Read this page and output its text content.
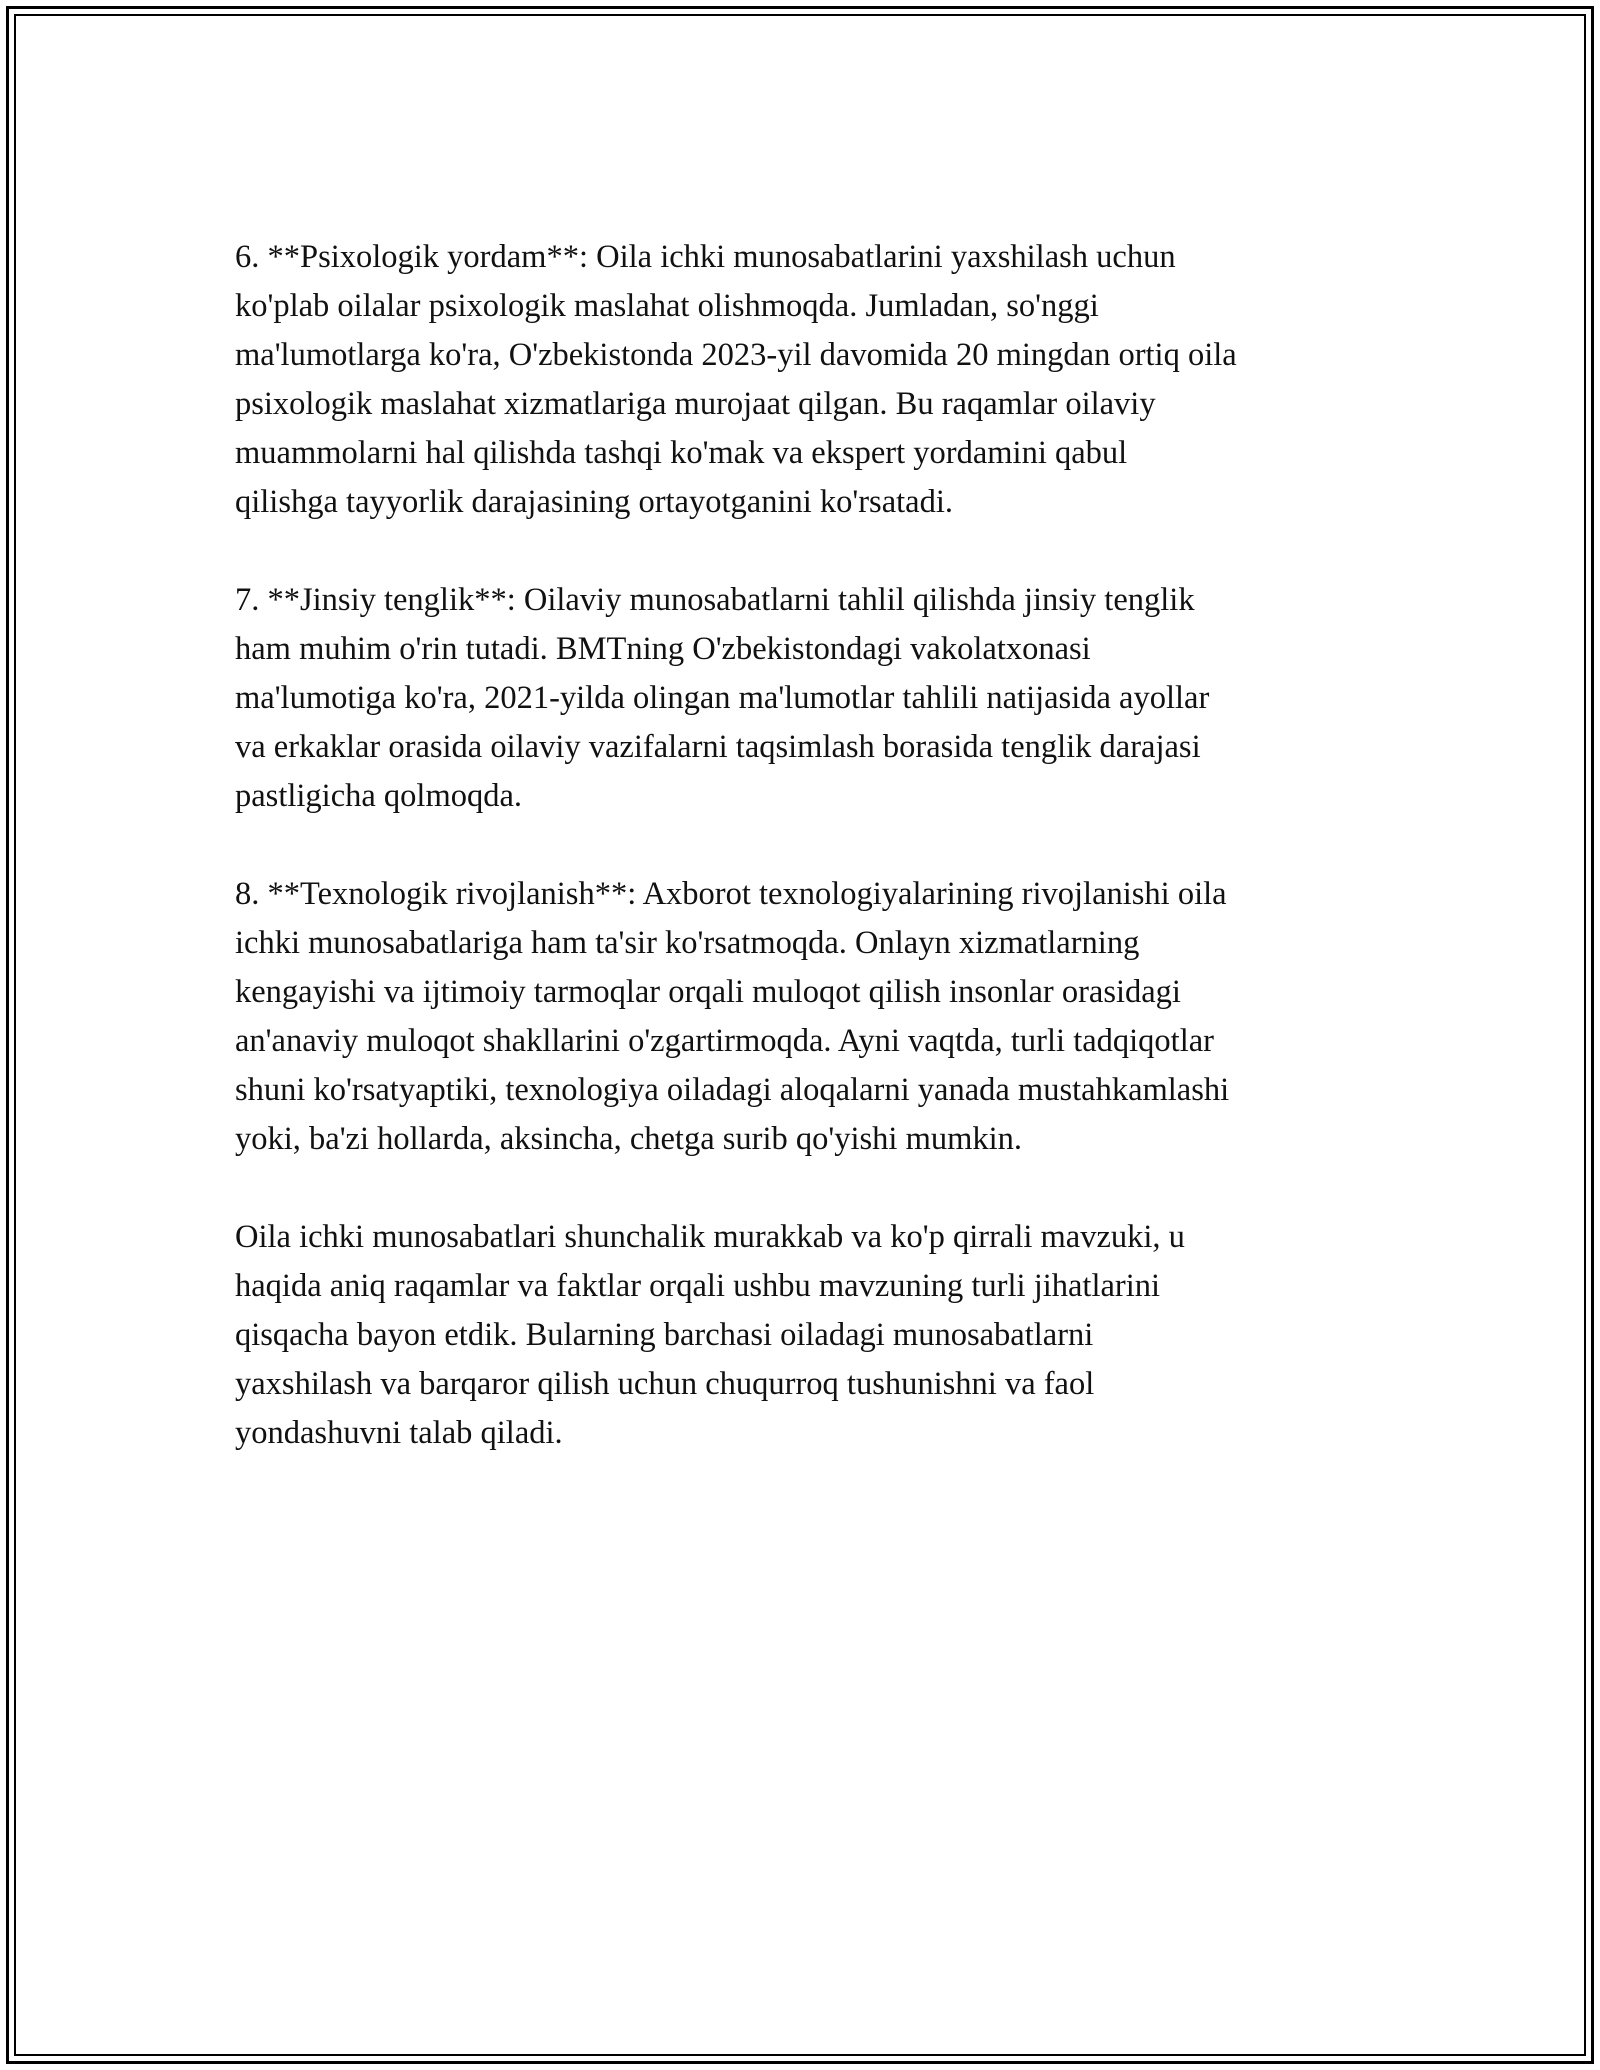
6. **Psixologik yordam**: Oila ichki munosabatlarini yaxshilash uchun
ko'plab oilalar psixologik maslahat olishmoqda. Jumladan, so'nggi
ma'lumotlarga ko'ra, O'zbekistonda 2023-yil davomida 20 mingdan ortiq oila
psixologik maslahat xizmatlariga murojaat qilgan. Bu raqamlar oilaviy
muammolarni hal qilishda tashqi ko'mak va ekspert yordamini qabul
qilishga tayyorlik darajasining ortayotganini ko'rsatadi.

7. **Jinsiy tenglik**: Oilaviy munosabatlarni tahlil qilishda jinsiy tenglik
ham muhim o'rin tutadi. BMTning O'zbekistondagi vakolatxonasi
ma'lumotiga ko'ra, 2021-yilda olingan ma'lumotlar tahlili natijasida ayollar
va erkaklar orasida oilaviy vazifalarni taqsimlash borasida tenglik darajasi
pastligicha qolmoqda.

8. **Texnologik rivojlanish**: Axborot texnologiyalarining rivojlanishi oila
ichki munosabatlariga ham ta'sir ko'rsatmoqda. Onlayn xizmatlarning
kengayishi va ijtimoiy tarmoqlar orqali muloqot qilish insonlar orasidagi
an'anaviy muloqot shakllarini o'zgartirmoqda. Ayni vaqtda, turli tadqiqotlar
shuni ko'rsatyaptiki, texnologiya oiladagi aloqalarni yanada mustahkamlashi
yoki, ba'zi hollarda, aksincha, chetga surib qo'yishi mumkin.

Oila ichki munosabatlari shunchalik murakkab va ko'p qirrali mavzuki, u
haqida aniq raqamlar va faktlar orqali ushbu mavzuning turli jihatlarini
qisqacha bayon etdik. Bularning barchasi oiladagi munosabatlarni
yaxshilash va barqaror qilish uchun chuqurroq tushunishni va faol
yondashuvni talab qiladi.
